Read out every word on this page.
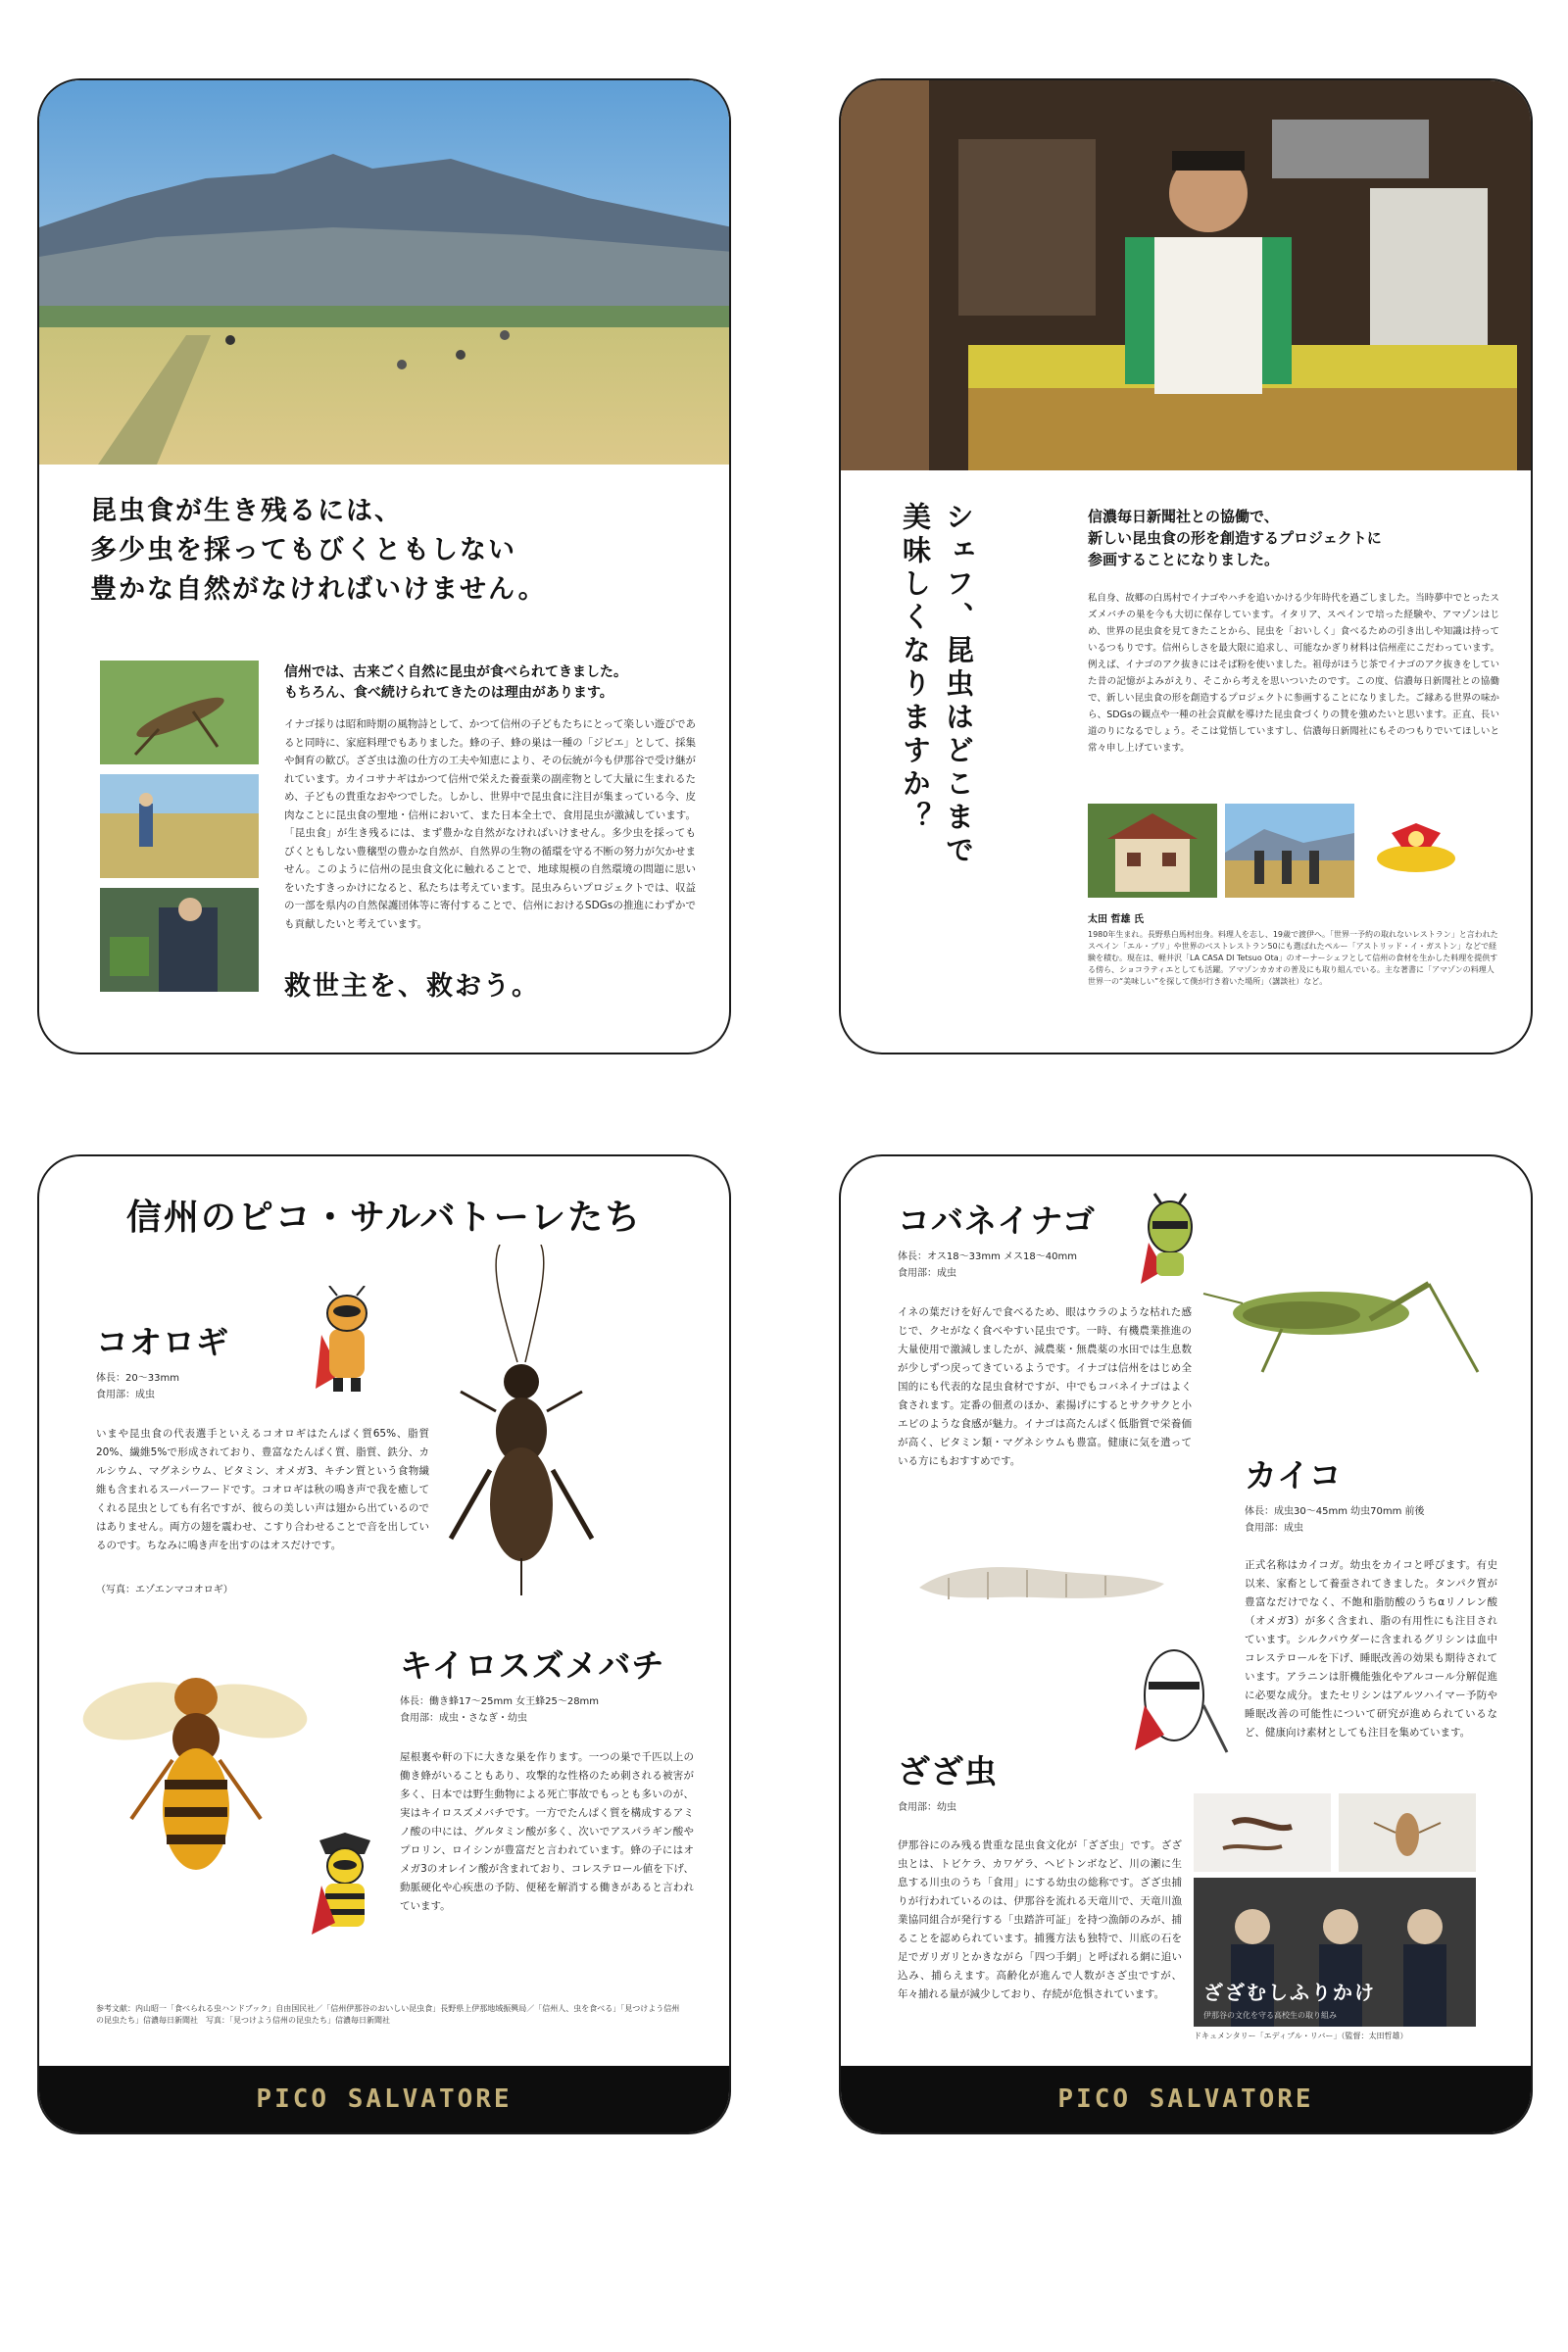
昆虫食が生き残るには、
多少虫を採ってもびくともしない
豊かな自然がなければいけません。
信州では、古来ごく自然に昆虫が食べられてきました。
もちろん、食べ続けられてきたのは理由があります。
イナゴ採りは昭和時期の風物詩として、かつて信州の子どもたちにとって楽しい遊びであると同時に、家庭料理でもありました。蜂の子、蜂の巣は一種の「ジビエ」として、採集や飼育の歓び。ざざ虫は漁の仕方の工夫や知恵により、その伝統が今も伊那谷で受け継がれています。カイコサナギはかつて信州で栄えた養蚕業の副産物として大量に生まれるため、子どもの貴重なおやつでした。しかし、世界中で昆虫食に注目が集まっている今、皮肉なことに昆虫食の聖地・信州において、また日本全土で、食用昆虫が激減しています。「昆虫食」が生き残るには、まず豊かな自然がなければいけません。多少虫を採ってもびくともしない豊穣型の豊かな自然が、自然界の生物の循環を守る不断の努力が欠かせません。このように信州の昆虫食文化に触れることで、地球規模の自然環境の問題に思いをいたすきっかけになると、私たちは考えています。昆虫みらいプロジェクトでは、収益の一部を県内の自然保護団体等に寄付することで、信州におけるSDGsの推進にわずかでも貢献したいと考えています。
救世主を、救おう。
シェフ、昆虫はどこまで
美味しくなりますか？	信濃毎日新聞社との協働で、
新しい昆虫食の形を創造するプロジェクトに
参画することになりました。
私自身、故郷の白馬村でイナゴやハチを追いかける少年時代を過ごしました。当時夢中でとったスズメバチの巣を今も大切に保存しています。イタリア、スペインで培った経験や、アマゾンはじめ、世界の昆虫食を見てきたことから、昆虫を「おいしく」食べるための引き出しや知識は持っているつもりです。信州らしさを最大限に追求し、可能なかぎり材料は信州産にこだわっています。例えば、イナゴのアク抜きにはそば粉を使いました。祖母がほうじ茶でイナゴのアク抜きをしていた昔の記憶がよみがえり、そこから考えを思いついたのです。この度、信濃毎日新聞社との協働で、新しい昆虫食の形を創造するプロジェクトに参画することになりました。ご縁ある世界の味から、SDGsの観点や一種の社会貢献を導けた昆虫食づくりの賛を強めたいと思います。正直、長い道のりになるでしょう。そこは覚悟していますし、信濃毎日新聞社にもそのつもりでいてほしいと常々申し上げています。
太田 哲雄 氏
1980年生まれ。長野県白馬村出身。料理人を志し、19歳で渡伊へ。「世界一予約の取れないレストラン」と言われたスペイン「エル・ブリ」や世界のベストレストラン50にも選ばれたペルー「アストリッド・イ・ガストン」などで経験を積む。現在は、軽井沢「LA CASA DI Tetsuo Ota」のオーナーシェフとして信州の食材を生かした料理を提供する傍ら、ショコラティエとしても活躍。アマゾンカカオの普及にも取り組んでいる。主な著書に「アマゾンの料理人 世界一の“美味しい”を探して僕が行き着いた場所」（講談社）など。
信州のピコ・サルバトーレたち
コオロギ
体長：20～33mm
食用部：成虫
いまや昆虫食の代表選手といえるコオロギはたんぱく質65%、脂質20%、繊維5%で形成されており、豊富なたんぱく質、脂質、鉄分、カルシウム、マグネシウム、ビタミン、オメガ3、キチン質という食物繊維も含まれるスーパーフードです。コオロギは秋の鳴き声で我を癒してくれる昆虫としても有名ですが、彼らの美しい声は翅から出ているのではありません。両方の翅を震わせ、こすり合わせることで音を出しているのです。ちなみに鳴き声を出すのはオスだけです。
（写真：エゾエンマコオロギ）
キイロスズメバチ
体長：働き蜂17～25mm 女王蜂25～28mm
食用部：成虫・さなぎ・幼虫
屋根裏や軒の下に大きな巣を作ります。一つの巣で千匹以上の働き蜂がいることもあり、攻撃的な性格のため刺される被害が多く、日本では野生動物による死亡事故でもっとも多いのが、実はキイロスズメバチです。一方でたんぱく質を構成するアミノ酸の中には、グルタミン酸が多く、次いでアスパラギン酸やプロリン、ロイシンが豊富だと言われています。蜂の子にはオメガ3のオレイン酸が含まれており、コレステロール値を下げ、動脈硬化や心疾患の予防、便秘を解消する働きがあると言われています。
参考文献：内山昭一「食べられる虫ハンドブック」自由国民社／「信州伊那谷のおいしい昆虫食」長野県上伊那地域振興局／「信州人、虫を食べる」「見つけよう信州の昆虫たち」信濃毎日新聞社　写真：「見つけよう信州の昆虫たち」信濃毎日新聞社
PICO SALVATORE
コバネイナゴ
体長：オス18～33mm メス18～40mm
食用部：成虫
イネの葉だけを好んで食べるため、眼はウラのような枯れた感じで、クセがなく食べやすい昆虫です。一時、有機農業推進の大量使用で激減しましたが、減農薬・無農薬の水田では生息数が少しずつ戻ってきているようです。イナゴは信州をはじめ全国的にも代表的な昆虫食材ですが、中でもコバネイナゴはよく食されます。定番の佃煮のほか、素揚げにするとサクサクと小エビのような食感が魅力。イナゴは高たんぱく低脂質で栄養価が高く、ビタミン類・マグネシウムも豊富。健康に気を遣っている方にもおすすめです。	カイコ
体長：成虫30～45mm 幼虫70mm 前後
食用部：成虫
正式名称はカイコガ。幼虫をカイコと呼びます。有史以来、家畜として養蚕されてきました。タンパク質が豊富なだけでなく、不飽和脂肪酸のうちαリノレン酸（オメガ3）が多く含まれ、脂の有用性にも注目されています。シルクパウダーに含まれるグリシンは血中コレステロールを下げ、睡眠改善の効果も期待されています。アラニンは肝機能強化やアルコール分解促進に必要な成分。またセリシンはアルツハイマー予防や睡眠改善の可能性について研究が進められているなど、健康向け素材としても注目を集めています。
ざざ虫
食用部：幼虫
伊那谷にのみ残る貴重な昆虫食文化が「ざざ虫」です。ざざ虫とは、トビケラ、カワゲラ、ヘビトンボなど、川の瀬に生息する川虫のうち「食用」にする幼虫の総称です。ざざ虫捕りが行われているのは、伊那谷を流れる天竜川で、天竜川漁業協同組合が発行する「虫踏許可証」を持つ漁師のみが、捕ることを認められています。捕獲方法も独特で、川底の石を足でガリガリとかきながら「四つ手網」と呼ばれる網に追い込み、捕らえます。高齢化が進んで人数がさざ虫ですが、年々捕れる量が減少しており、存続が危惧されています。	ざざむしふりかけ
伊那谷の文化を守る高校生の取り組み
ドキュメンタリー「エディブル・リバー」（監督：太田哲雄）
PICO SALVATORE
